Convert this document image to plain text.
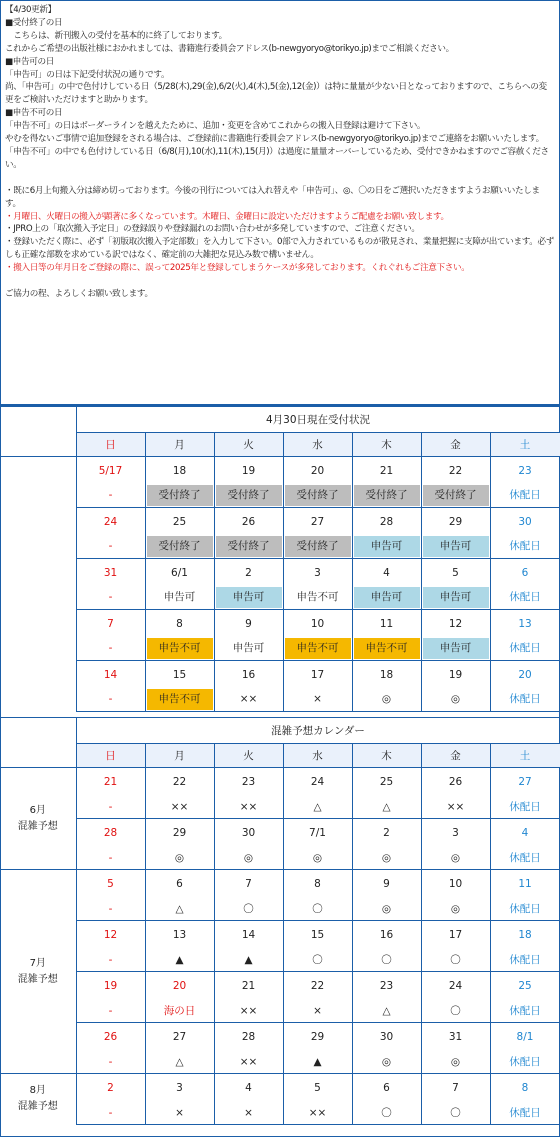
【4/30更新】

■受付終了の日

　こちらは、新刊搬入の受付を基本的に終了しております。

これからご希望の出版社様におかれましては、書籍進行委員会アドレス(b-newgyoryo@torikyo.jp)までご相談ください。

■申告可の日

「申告可」の日は下記受付状況の通りです。

尚、「申告可」の中で色付けしている日（5/28(木),29(金),6/2(火),4(木),5(金),12(金)）は特に量量が少ない日となっておりますので、こちらへの変更をご検討いただけますと助かります。

■申告不可の日

「申告不可」の日はボーダーラインを越えたために、追加・変更を含めてこれからの搬入日登録は避けて下さい。

やむを得ないご事情で追加登録をされる場合は、ご登録前に書籍進行委員会アドレス(b-newgyoryo@torikyo.jp)までご連絡をお願いいたします。

「申告不可」の中でも色付けしている日（6/8(月),10(水),11(木),15(月)）は過度に量量オーバーしているため、受付できかねますのでご容赦ください。

・既に6月上旬搬入分は締め切っております。今後の刊行については入れ替えや「申告可」、◎、〇の日をご選択いただきますようお願いいたします。

・月曜日、火曜日の搬入が顕著に多くなっています。木曜日、金曜日に設定いただけますようご配慮をお願い致します。

・JPRO上の「取次搬入予定日」の登録誤りや登録漏れのお問い合わせが多発していますので、ご注意ください。

・登録いただく際に、必ず「初版取次搬入予定部数」を入力して下さい。0部で入力されているものが散見され、業量把握に支障が出ています。必ずしも正確な部数を求めている訳ではなく、確定前の大雑把な見込み数で構いません。

・搬入日等の年月日をご登録の際に、誤って2025年と登録してしまうケースが多発しております。くれぐれもご注意下さい。

ご協力の程、よろしくお願い致します。

	4月30日現在受付状況						
	日	月	火	水	木	金	土
	5/17	18	19	20	21	22	23

	-	受付終了	受付終了	受付終了	受付終了	受付終了	休配日

	24	25	26	27	28	29	30

	-	受付終了	受付終了	受付終了	申告可	申告可	休配日

	31	6/1	2	3	4	5	6

	-	申告可	申告可	申告不可	申告可	申告可	休配日

	7	8	9	10	11	12	13

	-	申告不可	申告可	申告不可	申告不可	申告可	休配日

	14	15	16	17	18	19	20

	-	申告不可	××	×	◎	◎	休配日
	混雑予想カレンダー						
	日	月	火	水	木	金	土

6月
混雑予想	21	22	23	24	25	26	27
	-	××	××	△	△	××	休配日
	28	29	30	7/1	2	3	4
	-	◎	◎	◎	◎	◎	休配日

7月
混雑予想	5	6	7	8	9	10	11
	-	△	〇	〇	◎	◎	休配日
	12	13	14	15	16	17	18
	-	▲	▲	〇	〇	〇	休配日
	19	20	21	22	23	24	25
	-	海の日	××	×	△	〇	休配日
	26	27	28	29	30	31	8/1
	-	△	××	▲	◎	◎	休配日

8月
混雑予想	2	3	4	5	6	7	8
	-	×	×	××	〇	〇	休配日
